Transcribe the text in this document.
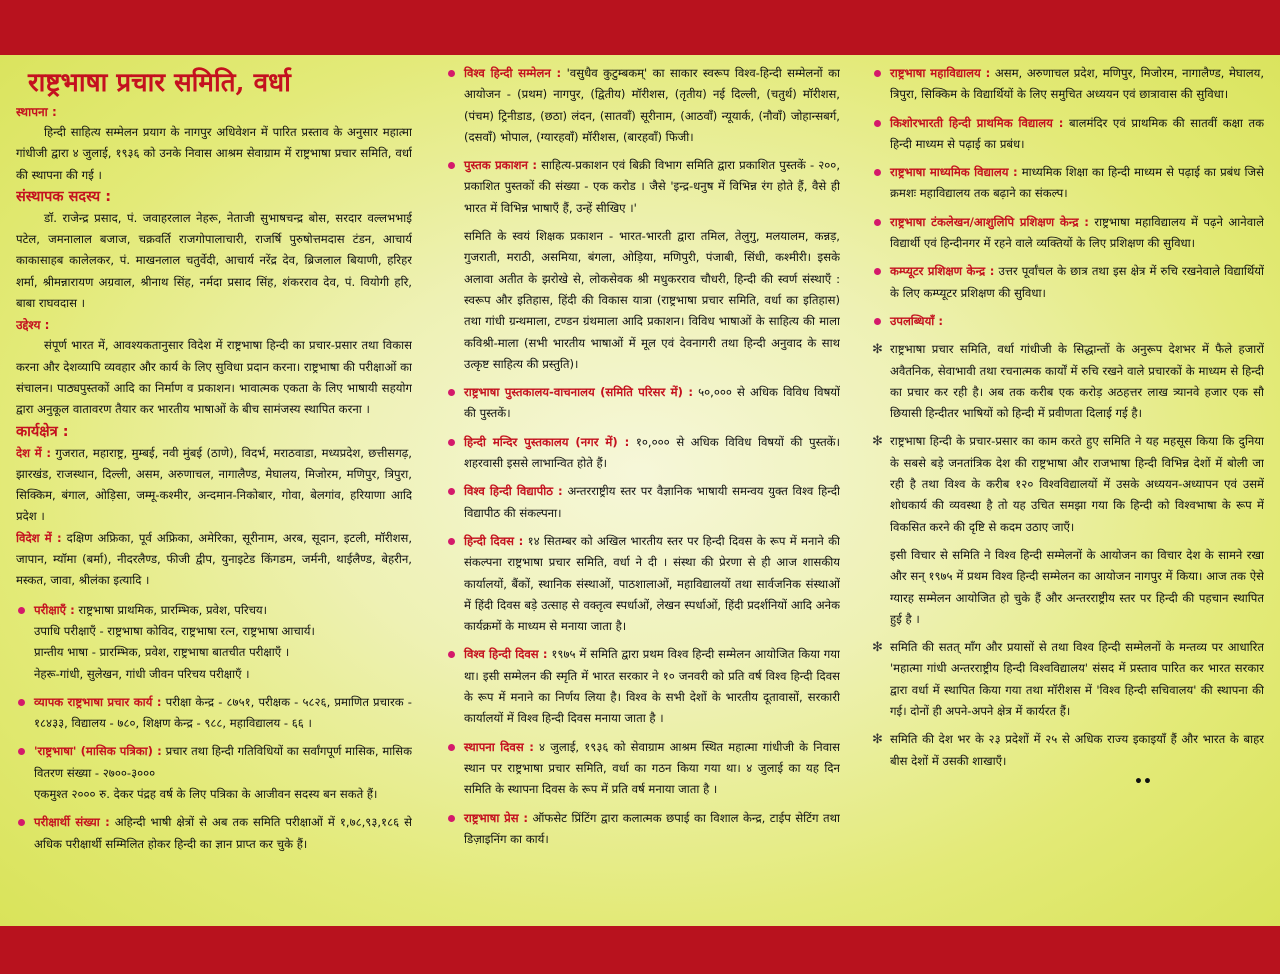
राष्ट्रभाषा प्रचार समिति, वर्धा
स्थापना :

हिन्दी साहित्य सम्मेलन प्रयाग के नागपुर अधिवेशन में पारित प्रस्ताव के अनुसार महात्मा गांधीजी द्वारा ४ जुलाई, १९३६ को उनके निवास आश्रम सेवाग्राम में राष्ट्रभाषा प्रचार समिति, वर्धा की स्थापना की गई ।

संस्थापक सदस्य :

डॉ. राजेन्द्र प्रसाद, पं. जवाहरलाल नेहरू, नेताजी सुभाषचन्द्र बोस, सरदार वल्लभभाई पटेल, जमनालाल बजाज, चक्रवर्ति राजगोपालाचारी, राजर्षि पुरुषोत्तमदास टंडन, आचार्य काकासाहब कालेलकर, पं. माखनलाल चतुर्वेदी, आचार्य नरेंद्र देव, ब्रिजलाल बियाणी, हरिहर शर्मा, श्रीमन्नारायण अग्रवाल, श्रीनाथ सिंह, नर्मदा प्रसाद सिंह, शंकरराव देव, पं. वियोगी हरि, बाबा राघवदास ।

उद्देश्य :

संपूर्ण भारत में, आवश्यकतानुसार विदेश में राष्ट्रभाषा हिन्दी का प्रचार-प्रसार तथा विकास करना और देशव्यापि व्यवहार और कार्य के लिए सुविधा प्रदान करना। राष्ट्रभाषा की परीक्षाओं का संचालन। पाठ्यपुस्तकों आदि का निर्माण व प्रकाशन। भावात्मक एकता के लिए भाषायी सहयोग द्वारा अनुकूल वातावरण तैयार कर भारतीय भाषाओं के बीच सामंजस्य स्थापित करना ।

कार्यक्षेत्र :

देश में : गुजरात, महाराष्ट्र, मुम्बई, नवी मुंबई (ठाणे), विदर्भ, मराठवाडा, मध्यप्रदेश, छत्तीसगढ़, झारखंड, राजस्थान, दिल्ली, असम, अरुणाचल, नागालैण्ड, मेघालय, मिजोरम, मणिपुर, त्रिपुरा, सिक्किम, बंगाल, ओड़िसा, जम्मू-कश्मीर, अन्दमान-निकोबार, गोवा, बेलगांव, हरियाणा आदि प्रदेश ।

विदेश में : दक्षिण अफ्रिका, पूर्व अफ्रिका, अमेरिका, सूरीनाम, अरब, सूदान, इटली, मॉरीशस, जापान, म्यॉमा (बर्मा), नीदरलैण्ड, फीजी द्वीप, युनाइटेड किंगडम, जर्मनी, थाईलैण्ड, बेहरीन, मस्कत, जावा, श्रीलंका इत्यादि ।

परीक्षाएँ : राष्ट्रभाषा प्राथमिक, प्रारम्भिक, प्रवेश, परिचय।

उपाधि परीक्षाएँ - राष्ट्रभाषा कोविद, राष्ट्रभाषा रत्न, राष्ट्रभाषा आचार्य।

प्रान्तीय भाषा - प्रारम्भिक, प्रवेश, राष्ट्रभाषा बातचीत परीक्षाएँ ।

नेहरू-गांधी, सुलेखन, गांधी जीवन परिचय परीक्षाएँ ।

व्यापक राष्ट्रभाषा प्रचार कार्य : परीक्षा केन्द्र - ८७५१, परीक्षक - ५८२६, प्रमाणित प्रचारक - १८४३३, विद्यालय - ७८०, शिक्षण केन्द्र - ९८८, महाविद्यालय - ६६ ।

'राष्ट्रभाषा' (मासिक पत्रिका) : प्रचार तथा हिन्दी गतिविधियों का सर्वांगपूर्ण मासिक, मासिक वितरण संख्या - २७००-३०००

एकमुश्त २००० रु. देकर पंद्रह वर्ष के लिए पत्रिका के आजीवन सदस्य बन सकते हैं।

परीक्षार्थी संख्या : अहिन्दी भाषी क्षेत्रों से अब तक समिति परीक्षाओं में १,७८,९३,१८६ से अधिक परीक्षार्थी सम्मिलित होकर हिन्दी का ज्ञान प्राप्त कर चुके हैं।

विश्व हिन्दी सम्मेलन : 'वसुधैव कुटुम्बकम्' का साकार स्वरूप विश्व-हिन्दी सम्मेलनों का आयोजन - (प्रथम) नागपुर, (द्वितीय) मॉरीशस, (तृतीय) नई दिल्ली, (चतुर्थ) मॉरीशस, (पंचम) ट्रिनीडाड, (छठा) लंदन, (सातवाँ) सूरीनाम, (आठवाँ) न्यूयार्क, (नौवाँ) जोहान्सबर्ग, (दसवाँ) भोपाल, (ग्यारहवाँ) मॉरीशस, (बारहवाँ) फिजी।

पुस्तक प्रकाशन : साहित्य-प्रकाशन एवं बिक्री विभाग समिति द्वारा प्रकाशित पुस्तकें - २००, प्रकाशित पुस्तकों की संख्या - एक करोड । जैसे 'इन्द्र-धनुष में विभिन्न रंग होते हैं, वैसे ही भारत में विभिन्न भाषाएँ हैं, उन्हें सीखिए ।'

समिति के स्वयं शिक्षक प्रकाशन - भारत-भारती द्वारा तमिल, तेलुगु, मलयालम, कन्नड़, गुजराती, मराठी, असमिया, बंगला, ओड़िया, मणिपुरी, पंजाबी, सिंधी, कश्मीरी। इसके अलावा अतीत के झरोखे से, लोकसेवक श्री मधुकरराव चौधरी, हिन्दी की स्वर्ण संस्थाएँ : स्वरूप और इतिहास, हिंदी की विकास यात्रा (राष्ट्रभाषा प्रचार समिति, वर्धा का इतिहास) तथा गांधी ग्रन्थमाला, टण्डन ग्रंथमाला आदि प्रकाशन। विविध भाषाओं के साहित्य की माला कविश्री-माला (सभी भारतीय भाषाओं में मूल एवं देवनागरी तथा हिन्दी अनुवाद के साथ उत्कृष्ट साहित्य की प्रस्तुति)।

राष्ट्रभाषा पुस्तकालय-वाचनालय (समिति परिसर में) : ५०,००० से अधिक विविध विषयों की पुस्तकें।

हिन्दी मन्दिर पुस्तकालय (नगर में) : १०,००० से अधिक विविध विषयों की पुस्तकें। शहरवासी इससे लाभान्वित होते हैं।

विश्व हिन्दी विद्यापीठ : अन्तरराष्ट्रीय स्तर पर वैज्ञानिक भाषायी समन्वय युक्त विश्व हिन्दी विद्यापीठ की संकल्पना।

हिन्दी दिवस : १४ सितम्बर को अखिल भारतीय स्तर पर हिन्दी दिवस के रूप में मनाने की संकल्पना राष्ट्रभाषा प्रचार समिति, वर्धा ने दी । संस्था की प्रेरणा से ही आज शासकीय कार्यालयों, बैंकों, स्थानिक संस्थाओं, पाठशालाओं, महाविद्यालयों तथा सार्वजनिक संस्थाओं में हिंदी दिवस बड़े उत्साह से वक्तृत्व स्पर्धाओं, लेखन स्पर्धाओं, हिंदी प्रदर्शनियों आदि अनेक कार्यक्रमों के माध्यम से मनाया जाता है।

विश्व हिन्दी दिवस : १९७५ में समिति द्वारा प्रथम विश्व हिन्दी सम्मेलन आयोजित किया गया था। इसी सम्मेलन की स्मृति में भारत सरकार ने १० जनवरी को प्रति वर्ष विश्व हिन्दी दिवस के रूप में मनाने का निर्णय लिया है। विश्व के सभी देशों के भारतीय दूतावासों, सरकारी कार्यालयों में विश्व हिन्दी दिवस मनाया जाता है ।

स्थापना दिवस : ४ जुलाई, १९३६ को सेवाग्राम आश्रम स्थित महात्मा गांधीजी के निवास स्थान पर राष्ट्रभाषा प्रचार समिति, वर्धा का गठन किया गया था। ४ जुलाई का यह दिन समिति के स्थापना दिवस के रूप में प्रति वर्ष मनाया जाता है ।

राष्ट्रभाषा प्रेस : ऑफसेट प्रिंटिंग द्वारा कलात्मक छपाई का विशाल केन्द्र, टाईप सेटिंग तथा डिज़ाइनिंग का कार्य।

राष्ट्रभाषा महाविद्यालय : असम, अरुणाचल प्रदेश, मणिपुर, मिजोरम, नागालैण्ड, मेघालय, त्रिपुरा, सिक्किम के विद्यार्थियों के लिए समुचित अध्ययन एवं छात्रावास की सुविधा।

किशोरभारती हिन्दी प्राथमिक विद्यालय : बालमंदिर एवं प्राथमिक की सातवीं कक्षा तक हिन्दी माध्यम से पढ़ाई का प्रबंध।

राष्ट्रभाषा माध्यमिक विद्यालय : माध्यमिक शिक्षा का हिन्दी माध्यम से पढ़ाई का प्रबंध जिसे क्रमशः महाविद्यालय तक बढ़ाने का संकल्प।

राष्ट्रभाषा टंकलेखन/आशुलिपि प्रशिक्षण केन्द्र : राष्ट्रभाषा महाविद्यालय में पढ़ने आनेवाले विद्यार्थी एवं हिन्दीनगर में रहने वाले व्यक्तियों के लिए प्रशिक्षण की सुविधा।

कम्प्यूटर प्रशिक्षण केन्द्र : उत्तर पूर्वांचल के छात्र तथा इस क्षेत्र में रुचि रखनेवाले विद्यार्थियों के लिए कम्प्यूटर प्रशिक्षण की सुविधा।

उपलब्धियाँ :

✻ राष्ट्रभाषा प्रचार समिति, वर्धा गांधीजी के सिद्धान्तों के अनुरूप देशभर में फैले हजारों अवैतनिक, सेवाभावी तथा रचनात्मक कार्यों में रुचि रखने वाले प्रचारकों के माध्यम से हिन्दी का प्रचार कर रही है। अब तक करीब एक करोड़ अठहत्तर लाख त्र्यानवे हजार एक सौ छियासी हिन्दीतर भाषियों को हिन्दी में प्रवीणता दिलाई गई है।

✻ राष्ट्रभाषा हिन्दी के प्रचार-प्रसार का काम करते हुए समिति ने यह महसूस किया कि दुनिया के सबसे बड़े जनतांत्रिक देश की राष्ट्रभाषा और राजभाषा हिन्दी विभिन्न देशों में बोली जा रही है तथा विश्व के करीब १२० विश्वविद्यालयों में उसके अध्ययन-अध्यापन एवं उसमें शोधकार्य की व्यवस्था है तो यह उचित समझा गया कि हिन्दी को विश्वभाषा के रूप में विकसित करने की दृष्टि से कदम उठाए जाएँ।

इसी विचार से समिति ने विश्व हिन्दी सम्मेलनों के आयोजन का विचार देश के सामने रखा और सन् १९७५ में प्रथम विश्व हिन्दी सम्मेलन का आयोजन नागपुर में किया। आज तक ऐसे ग्यारह सम्मेलन आयोजित हो चुके हैं और अन्तरराष्ट्रीय स्तर पर हिन्दी की पहचान स्थापित हुई है ।

✻ समिति की सतत् माँग और प्रयासों से तथा विश्व हिन्दी सम्मेलनों के मन्तव्य पर आधारित 'महात्मा गांधी अन्तरराष्ट्रीय हिन्दी विश्वविद्यालय' संसद में प्रस्ताव पारित कर भारत सरकार द्वारा वर्धा में स्थापित किया गया तथा मॉरीशस में 'विश्व हिन्दी सचिवालय' की स्थापना की गई। दोनों ही अपने-अपने क्षेत्र में कार्यरत हैं।

✻ समिति की देश भर के २३ प्रदेशों में २५ से अधिक राज्य इकाइयाँ हैं और भारत के बाहर बीस देशों में उसकी शाखाएँ।

••
